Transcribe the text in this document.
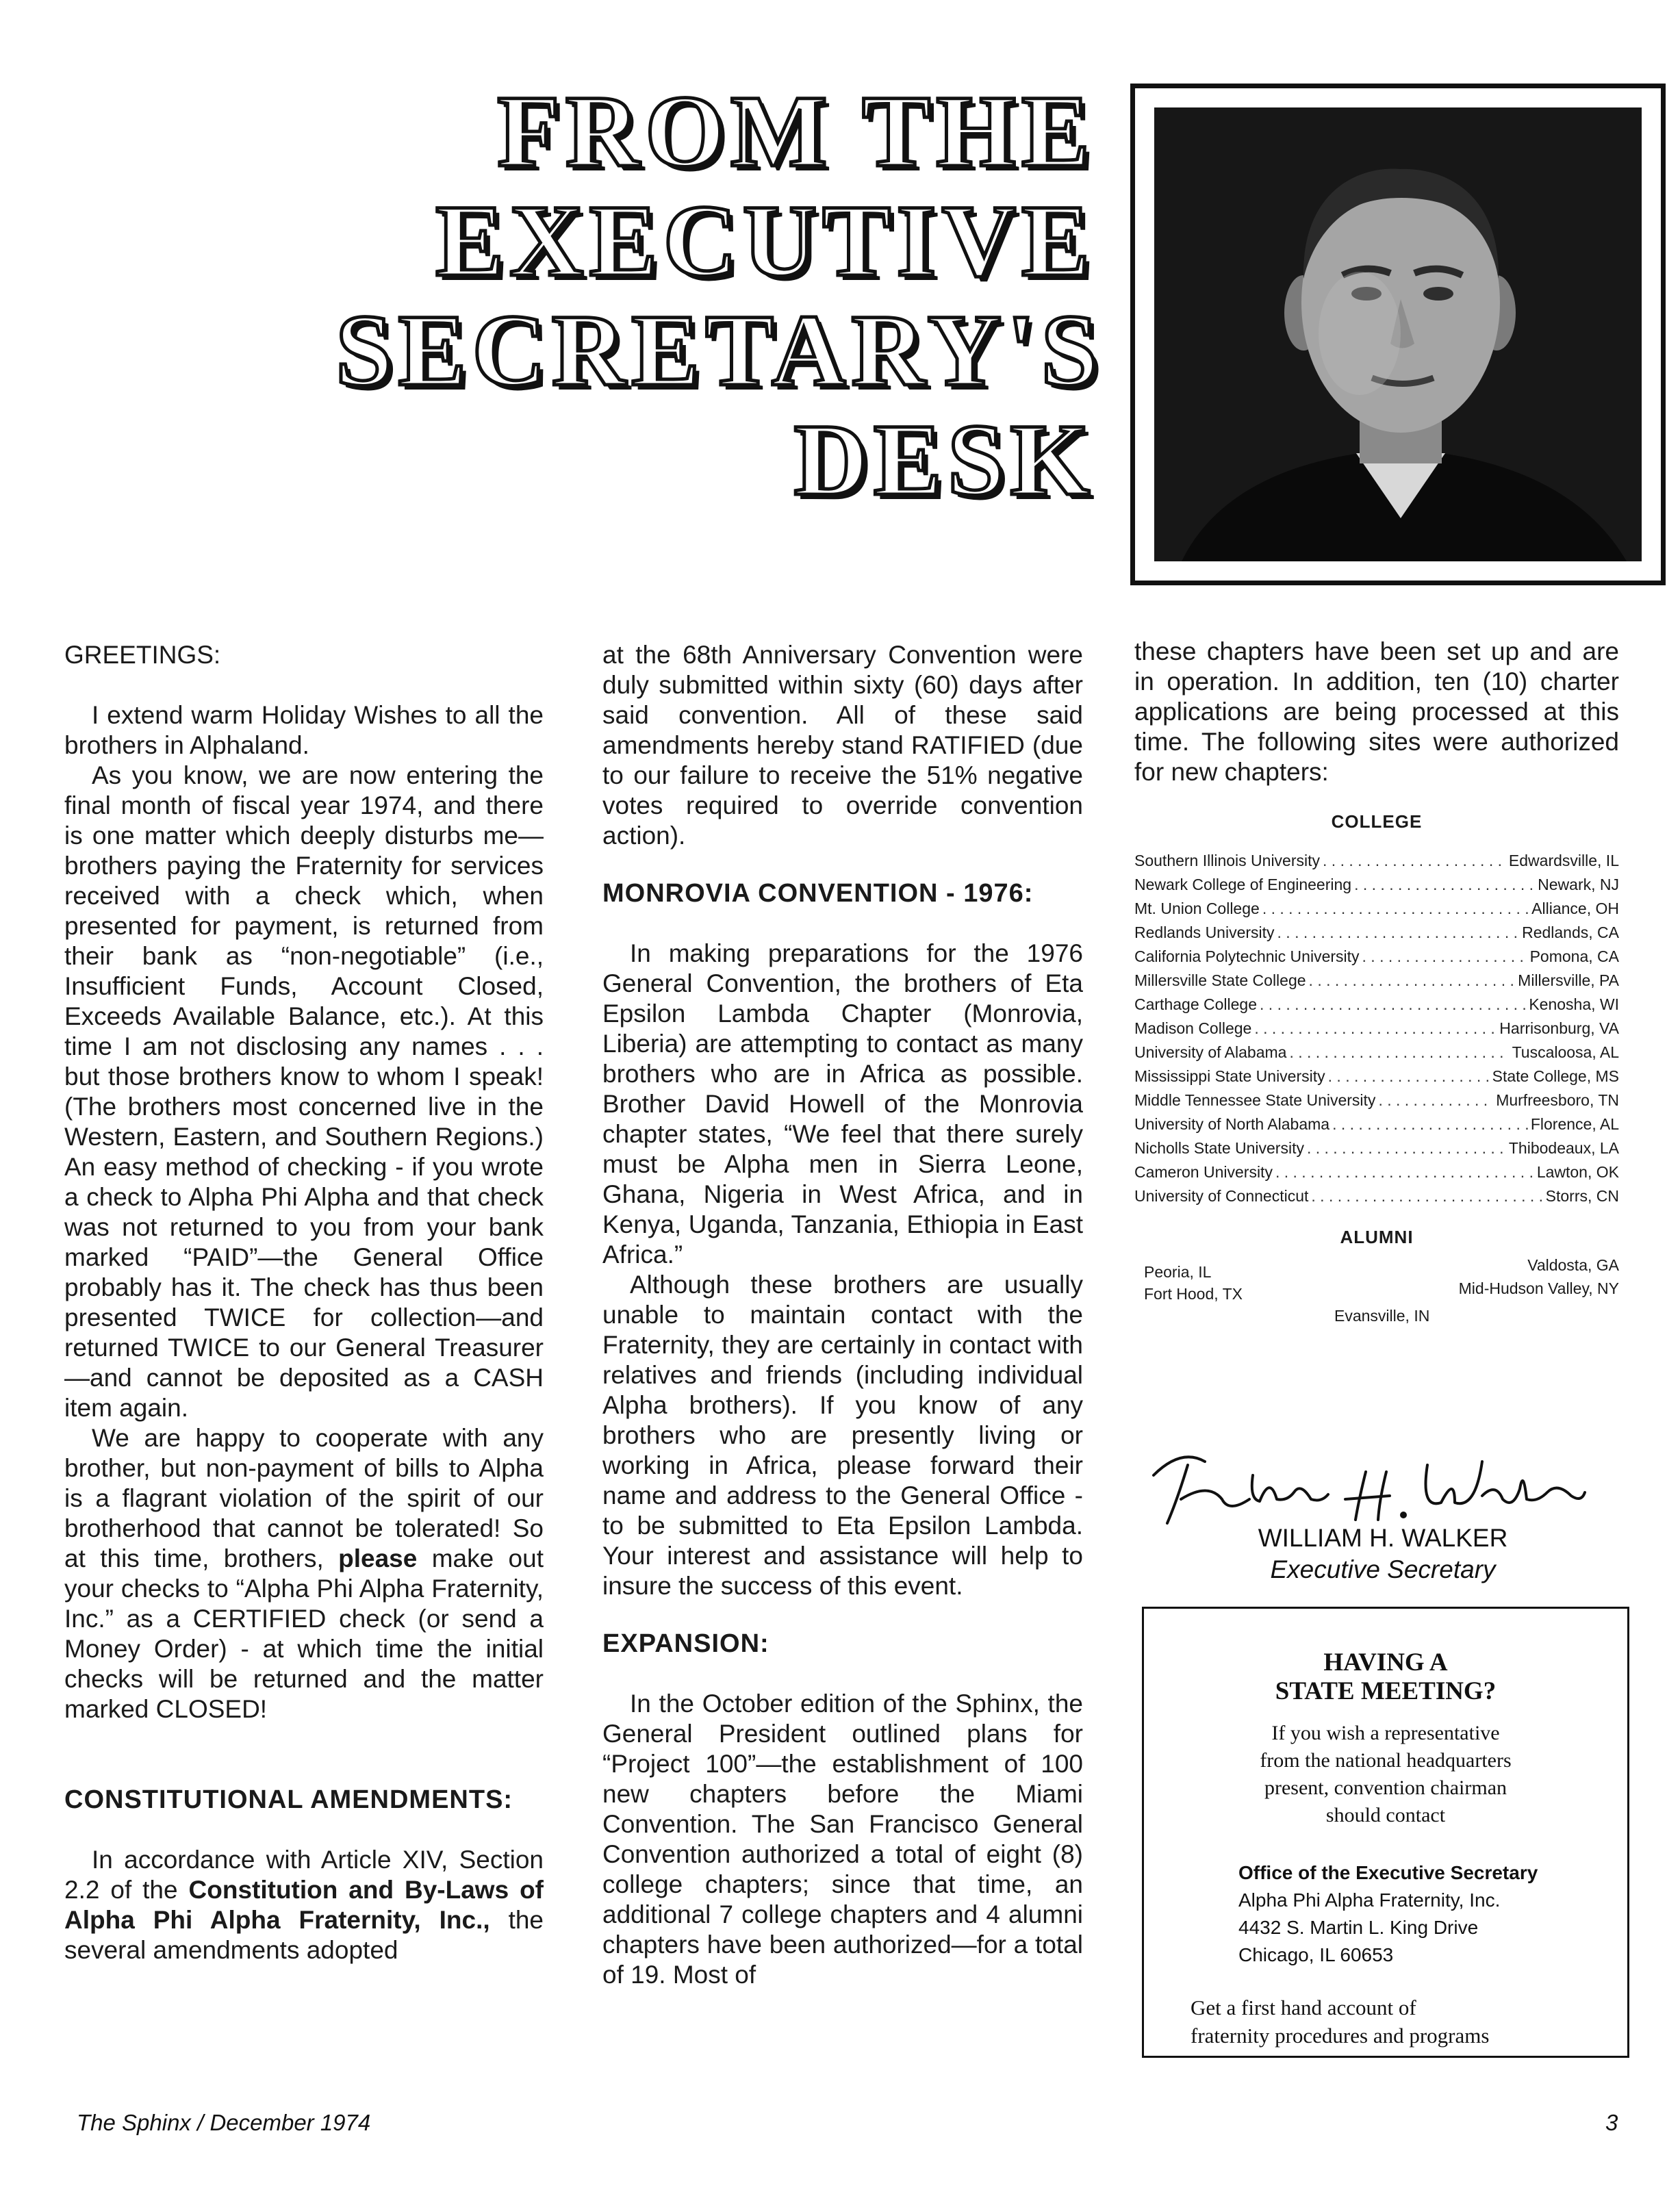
FROM THE
EXECUTIVE
SECRETARY'S
DESK

GREETINGS:

I extend warm Holiday Wishes to all the brothers in Alphaland.

As you know, we are now entering the final month of fiscal year 1974, and there is one matter which deeply disturbs me—brothers paying the Fraternity for services received with a check which, when presented for payment, is returned from their bank as “non-negotiable” (i.e., Insufficient Funds, Account Closed, Exceeds Available Balance, etc.). At this time I am not disclosing any names . . . but those brothers know to whom I speak! (The brothers most concerned live in the Western, Eastern, and Southern Regions.) An easy method of checking - if you wrote a check to Alpha Phi Alpha and that check was not returned to you from your bank marked “PAID”—the General Office probably has it. The check has thus been presented TWICE for collection—and returned TWICE to our General Treasurer—and cannot be deposited as a CASH item again.

We are happy to cooperate with any brother, but non-payment of bills to Alpha is a flagrant violation of the spirit of our brotherhood that cannot be tolerated! So at this time, brothers, please make out your checks to “Alpha Phi Alpha Fraternity, Inc.” as a CERTIFIED check (or send a Money Order) - at which time the initial checks will be returned and the matter marked CLOSED!

CONSTITUTIONAL AMENDMENTS:

In accordance with Article XIV, Section 2.2 of the Constitution and By-Laws of Alpha Phi Alpha Fraternity, Inc., the several amendments adopted

at the 68th Anniversary Convention were duly submitted within sixty (60) days after said convention. All of these said amendments hereby stand RATIFIED (due to our failure to receive the 51% negative votes required to override convention action).

MONROVIA CONVENTION - 1976:

In making preparations for the 1976 General Convention, the brothers of Eta Epsilon Lambda Chapter (Monrovia, Liberia) are attempting to contact as many brothers who are in Africa as possible. Brother David Howell of the Monrovia chapter states, “We feel that there surely must be Alpha men in Sierra Leone, Ghana, Nigeria in West Africa, and in Kenya, Uganda, Tanzania, Ethiopia in East Africa.”

Although these brothers are usually unable to maintain contact with the Fraternity, they are certainly in contact with relatives and friends (including individual Alpha brothers). If you know of any brothers who are presently living or working in Africa, please forward their name and address to the General Office - to be submitted to Eta Epsilon Lambda. Your interest and assistance will help to insure the success of this event.

EXPANSION:

In the October edition of the Sphinx, the General President outlined plans for “Project 100”—the establishment of 100 new chapters before the Miami Convention. The San Francisco General Convention authorized a total of eight (8) college chapters; since that time, an additional 7 college chapters and 4 alumni chapters have been authorized—for a total of 19. Most of

these chapters have been set up and are in operation. In addition, ten (10) charter applications are being processed at this time. The following sites were authorized for new chapters:

COLLEGE

Southern Illinois University . . .	Edwardsville, IL
Newark College of Engineering . . .	Newark, NJ
Mt. Union College . . .	Alliance, OH
Redlands University . . .	Redlands, CA
California Polytechnic University . . .	Pomona, CA
Millersville State College . . .	Millersville, PA
Carthage College . . .	Kenosha, WI
Madison College . . .	Harrisonburg, VA
University of Alabama . . .	Tuscaloosa, AL
Mississippi State University . . .	State College, MS
Middle Tennessee State University . . .	Murfreesboro, TN
University of North Alabama . . .	Florence, AL
Nicholls State University . . .	Thibodeaux, LA
Cameron University . . .	Lawton, OK
University of Connecticut . . .	Storrs, CN

ALUMNI

Peoria, IL	Valdosta, GA
Fort Hood, TX	Mid-Hudson Valley, NY
Evansville, IN
WILLIAM H. WALKER
Executive Secretary
HAVING A
STATE MEETING?
If you wish a representative
from the national headquarters
present, convention chairman
should contact
Office of the Executive Secretary
Alpha Phi Alpha Fraternity, Inc.
4432 S. Martin L. King Drive
Chicago, IL 60653
Get a first hand account of
fraternity procedures and programs
The Sphinx / December 1974	3
